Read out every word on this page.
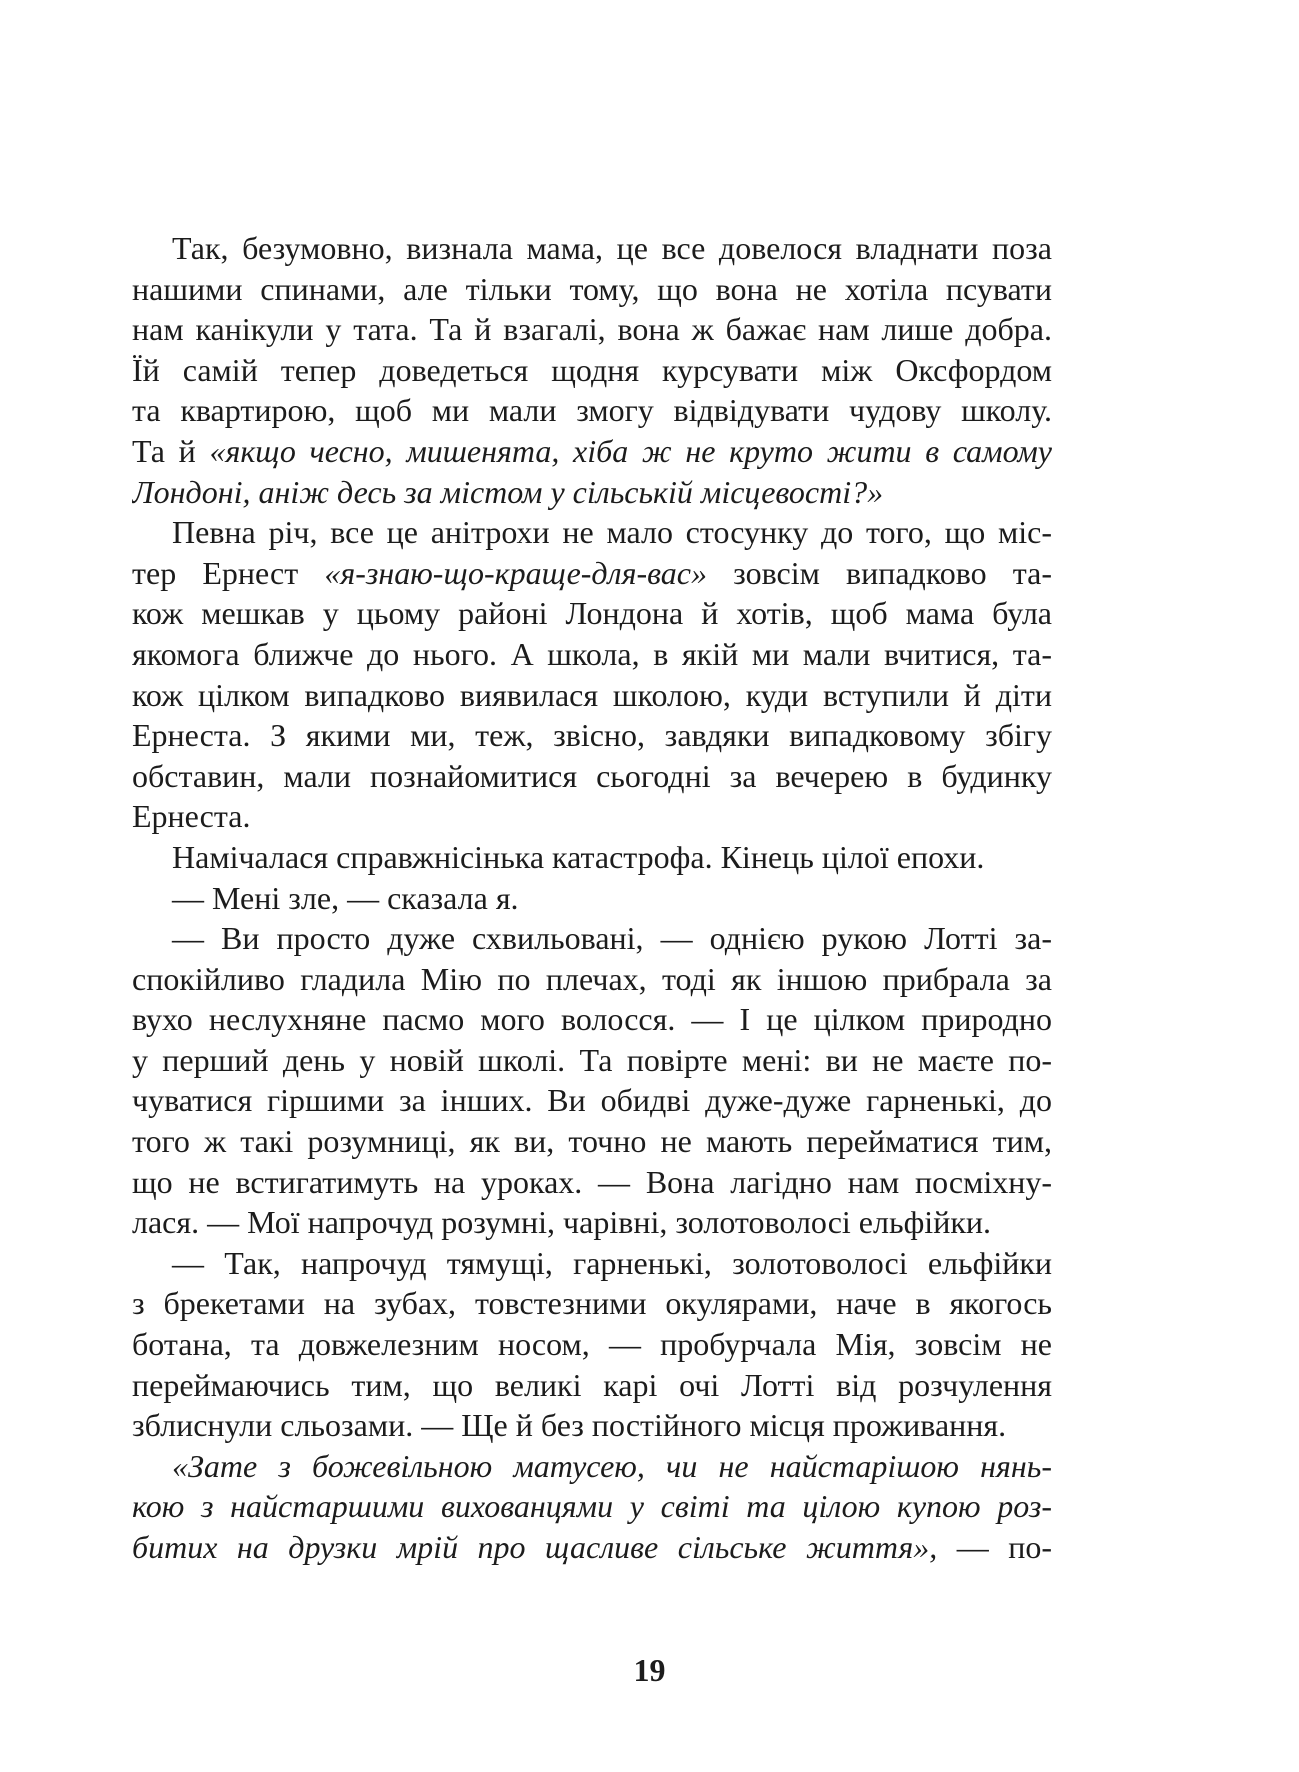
Так, безумовно, визнала мама, це все довелося владнати поза
нашими спинами, але тільки тому, що вона не хотіла псувати
нам канікули у тата. Та й взагалі, вона ж бажає нам лише добра.
Їй самій тепер доведеться щодня курсувати між Оксфордом
та квартирою, щоб ми мали змогу відвідувати чудову школу.
Та й «якщо чесно, мишенята, хіба ж не круто жити в самому
Лондоні, аніж десь за містом у сільській місцевості?»
Певна річ, все це анітрохи не мало стосунку до того, що міс-
тер Ернест «я-знаю-що-краще-для-вас» зовсім випадково та-
кож мешкав у цьому районі Лондона й хотів, щоб мама була
якомога ближче до нього. А школа, в якій ми мали вчитися, та-
кож цілком випадково виявилася школою, куди вступили й діти
Ернеста. З якими ми, теж, звісно, завдяки випадковому збігу
обставин, мали познайомитися сьогодні за вечерею в будинку
Ернеста.
Намічалася справжнісінька катастрофа. Кінець цілої епохи.
— Мені зле, — сказала я.
— Ви просто дуже схвильовані, — однією рукою Лотті за-
спокійливо гладила Мію по плечах, тоді як іншою прибрала за
вухо неслухняне пасмо мого волосся. — І це цілком природно
у перший день у новій школі. Та повірте мені: ви не маєте по-
чуватися гіршими за інших. Ви обидві дуже-дуже гарненькі, до
того ж такі розумниці, як ви, точно не мають перейматися тим,
що не встигатимуть на уроках. — Вона лагідно нам посміхну-
лася. — Мої напрочуд розумні, чарівні, золотоволосі ельфійки.
— Так, напрочуд тямущі, гарненькі, золотоволосі ельфійки
з брекетами на зубах, товстезними окулярами, наче в якогось
ботана, та довжелезним носом, — пробурчала Мія, зовсім не
переймаючись тим, що великі карі очі Лотті від розчулення
зблиснули сльозами. — Ще й без постійного місця проживання.
«Зате з божевільною матусею, чи не найстарішою нянь-
кою з найстаршими вихованцями у світі та цілою купою роз-
битих на друзки мрій про щасливе сільське життя», — по-
19
